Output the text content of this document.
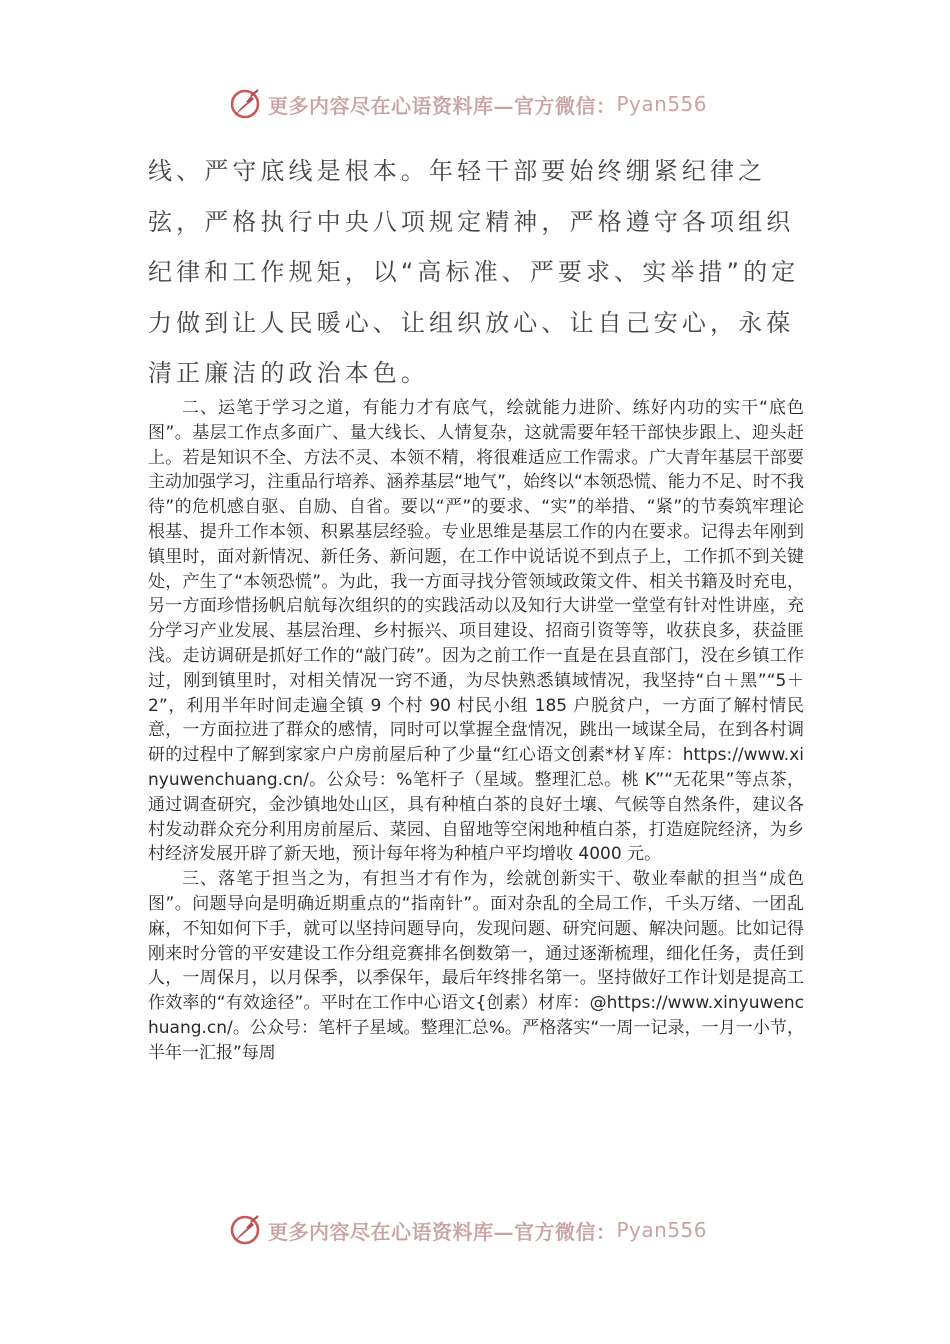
更多内容尽在心语资料库—官方微信： Pyan556

线、严守底线是根本。年轻干部要始终绷紧纪律之弦，严格执行中央八项规定精神，严格遵守各项组织纪律和工作规矩，以“高标准、严要求、实举措”的定力做到让人民暖心、让组织放心、让自己安心，永葆清正廉洁的政治本色。

二、运笔于学习之道，有能力才有底气，绘就能力进阶、练好内功的实干“底色图”。基层工作点多面广、量大线长、人情复杂，这就需要年轻干部快步跟上、迎头赶上。若是知识不全、方法不灵、本领不精，将很难适应工作需求。广大青年基层干部要主动加强学习，注重品行培养、涵养基层“地气”，始终以“本领恐慌、能力不足、时不我待”的危机感自驱、自励、自省。要以“严”的要求、“实”的举措、“紧”的节奏筑牢理论根基、提升工作本领、积累基层经验。专业思维是基层工作的内在要求。记得去年刚到镇里时，面对新情况、新任务、新问题，在工作中说话说不到点子上，工作抓不到关键处，产生了“本领恐慌”。为此，我一方面寻找分管领域政策文件、相关书籍及时充电，另一方面珍惜扬帆启航每次组织的的实践活动以及知行大讲堂一堂堂有针对性讲座，充分学习产业发展、基层治理、乡村振兴、项目建设、招商引资等等，收获良多，获益匪浅。走访调研是抓好工作的“敲门砖”。因为之前工作一直是在县直部门，没在乡镇工作过，刚到镇里时，对相关情况一窍不通，为尽快熟悉镇域情况，我坚持“白＋黑”“5＋2”，利用半年时间走遍全镇 9 个村 90 村民小组 185 户脱贫户，一方面了解村情民意，一方面拉进了群众的感情，同时可以掌握全盘情况，跳出一域谋全局，在到各村调研的过程中了解到家家户户房前屋后种了少量“红心语文创素*材￥库：https://www.xinyuwenchuang.cn/。公众号：%笔杆子（星域。整理汇总。桃 K”“无花果”等点茶，通过调查研究，金沙镇地处山区，具有种植白茶的良好土壤、气候等自然条件，建议各村发动群众充分利用房前屋后、菜园、自留地等空闲地种植白茶，打造庭院经济，为乡村经济发展开辟了新天地，预计每年将为种植户平均增收 4000 元。

三、落笔于担当之为，有担当才有作为，绘就创新实干、敬业奉献的担当“成色图”。问题导向是明确近期重点的“指南针”。面对杂乱的全局工作，千头万绪、一团乱麻，不知如何下手，就可以坚持问题导向，发现问题、研究问题、解决问题。比如记得刚来时分管的平安建设工作分组竞赛排名倒数第一，通过逐渐梳理，细化任务，责任到人，一周保月，以月保季，以季保年，最后年终排名第一。坚持做好工作计划是提高工作效率的“有效途径”。平时在工作中心语文{创素）材库：@https://www.xinyuwenchuang.cn/。公众号：笔杆子星域。整理汇总%。严格落实“一周一记录，一月一小节，半年一汇报”每周

更多内容尽在心语资料库—官方微信： Pyan556
